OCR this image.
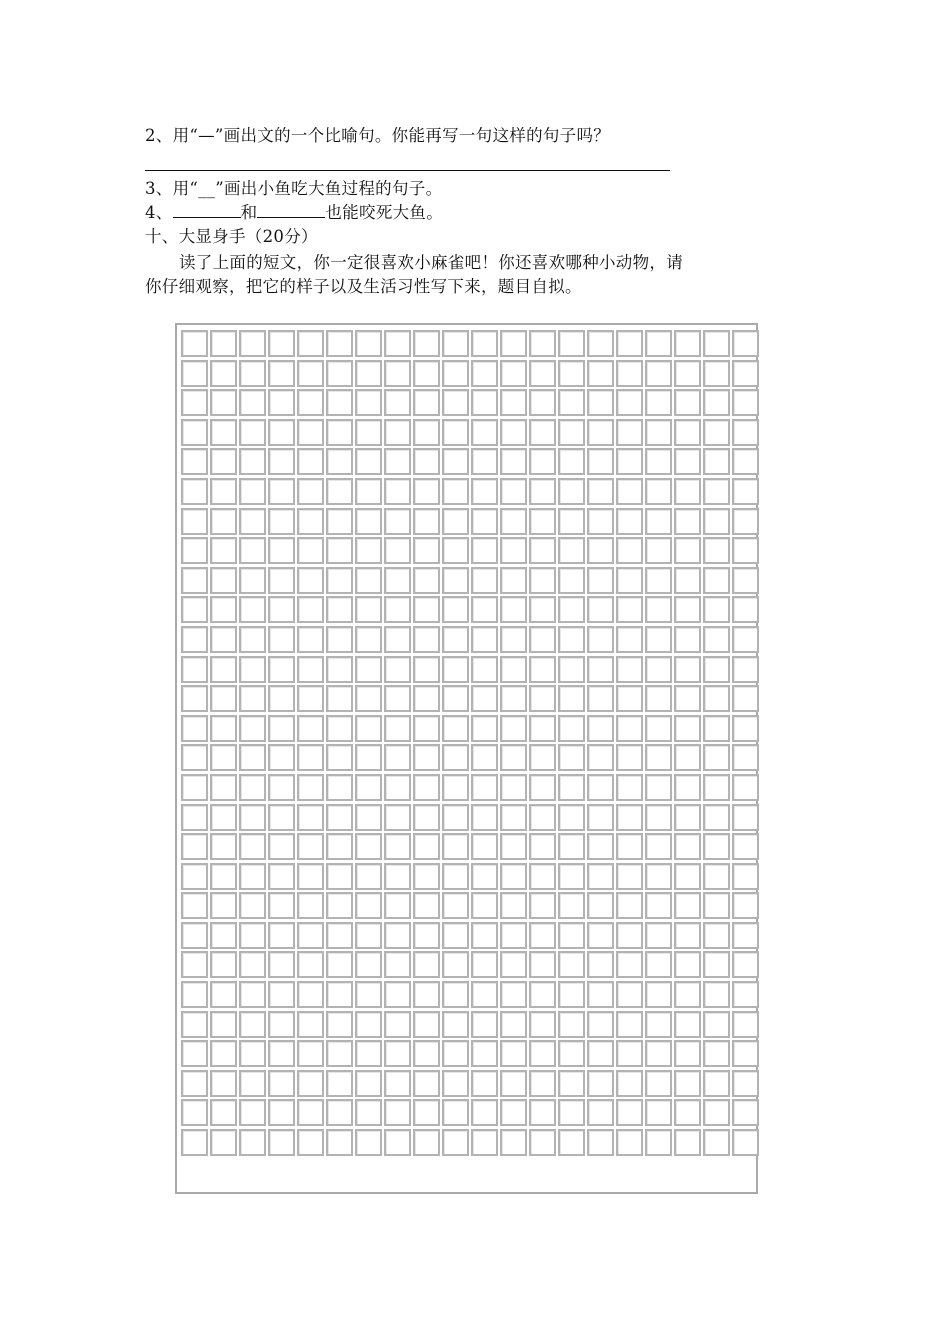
2、用“—”画出文的一个比喻句。你能再写一句这样的句子吗？
3、用“__”画出小鱼吃大鱼过程的句子。
4、	和	也能咬死大鱼。
十、大显身手（20分）
读了上面的短文，你一定很喜欢小麻雀吧！你还喜欢哪种小动物，请
你仔细观察，把它的样子以及生活习性写下来，题目自拟。
